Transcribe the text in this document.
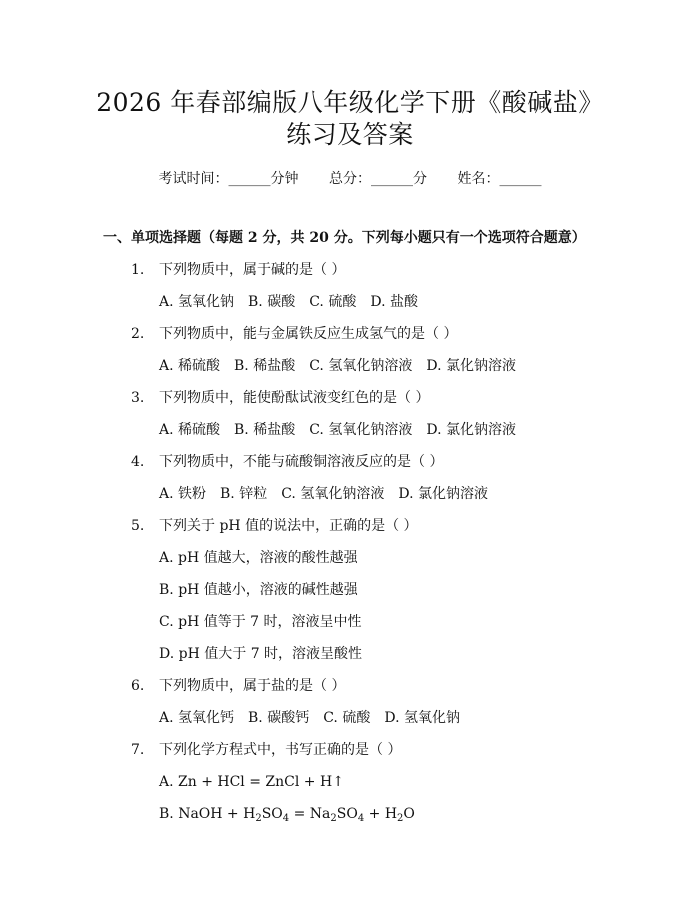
2026 年春部编版八年级化学下册《酸碱盐》
练习及答案
考试时间：______分钟 总分：______分 姓名：______
一、单项选择题（每题 2 分，共 20 分。下列每小题只有一个选项符合题意）
1. 下列物质中，属于碱的是（ ）
A. 氢氧化钠 B. 碳酸 C. 硫酸 D. 盐酸
2. 下列物质中，能与金属铁反应生成氢气的是（ ）
A. 稀硫酸 B. 稀盐酸 C. 氢氧化钠溶液 D. 氯化钠溶液
3. 下列物质中，能使酚酞试液变红色的是（ ）
A. 稀硫酸 B. 稀盐酸 C. 氢氧化钠溶液 D. 氯化钠溶液
4. 下列物质中，不能与硫酸铜溶液反应的是（ ）
A. 铁粉 B. 锌粒 C. 氢氧化钠溶液 D. 氯化钠溶液
5. 下列关于 pH 值的说法中，正确的是（ ）
A. pH 值越大，溶液的酸性越强
B. pH 值越小，溶液的碱性越强
C. pH 值等于 7 时，溶液呈中性
D. pH 值大于 7 时，溶液呈酸性
6. 下列物质中，属于盐的是（ ）
A. 氢氧化钙 B. 碳酸钙 C. 硫酸 D. 氢氧化钠
7. 下列化学方程式中，书写正确的是（ ）
A. Zn + HCl = ZnCl + H↑
B. NaOH + $H_2SO_4 = Na_2SO_4 + H_2O$
